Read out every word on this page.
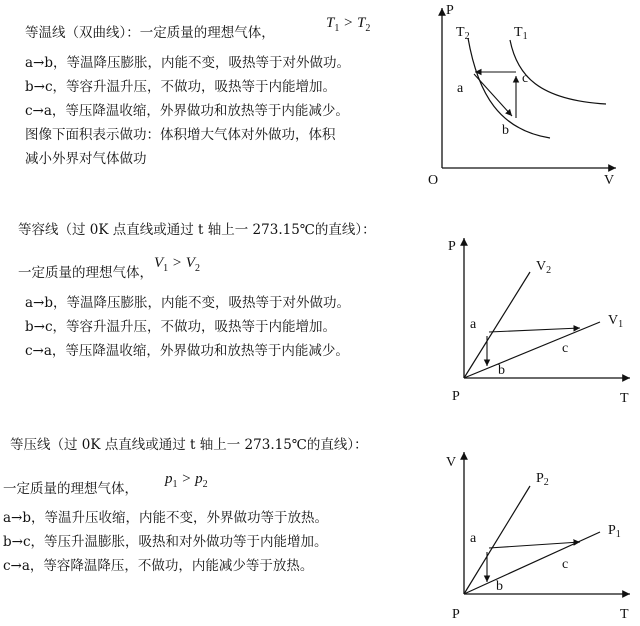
等温线（双曲线）：一定质量的理想气体，
$T_1 > T_2$
a→b，等温降压膨胀，内能不变，吸热等于对外做功。
b→c，等容升温升压，不做功，吸热等于内能增加。
c→a，等压降温收缩，外界做功和放热等于内能减少。
图像下面积表示做功：体积增大气体对外做功，体积
减小外界对气体做功
P
V
O
$T_2$	$T_1$
a
b
c
等容线（过 0K 点直线或通过 t 轴上一 273.15℃的直线）：
一定质量的理想气体，
$V_1 > V_2$
a→b，等温降压膨胀，内能不变，吸热等于对外做功。
b→c，等容升温升压，不做功，吸热等于内能增加。
c→a，等压降温收缩，外界做功和放热等于内能减少。
P
T
P
$V_2$
$V_1$
a
b
c
等压线（过 0K 点直线或通过 t 轴上一 273.15℃的直线）：
一定质量的理想气体，
$p_1 > p_2$
a→b，等温升压收缩，内能不变，外界做功等于放热。
b→c，等压升温膨胀，吸热和对外做功等于内能增加。
c→a，等容降温降压，不做功，内能减少等于放热。
V
T
P
$P_2$
$P_1$
a
b
c
